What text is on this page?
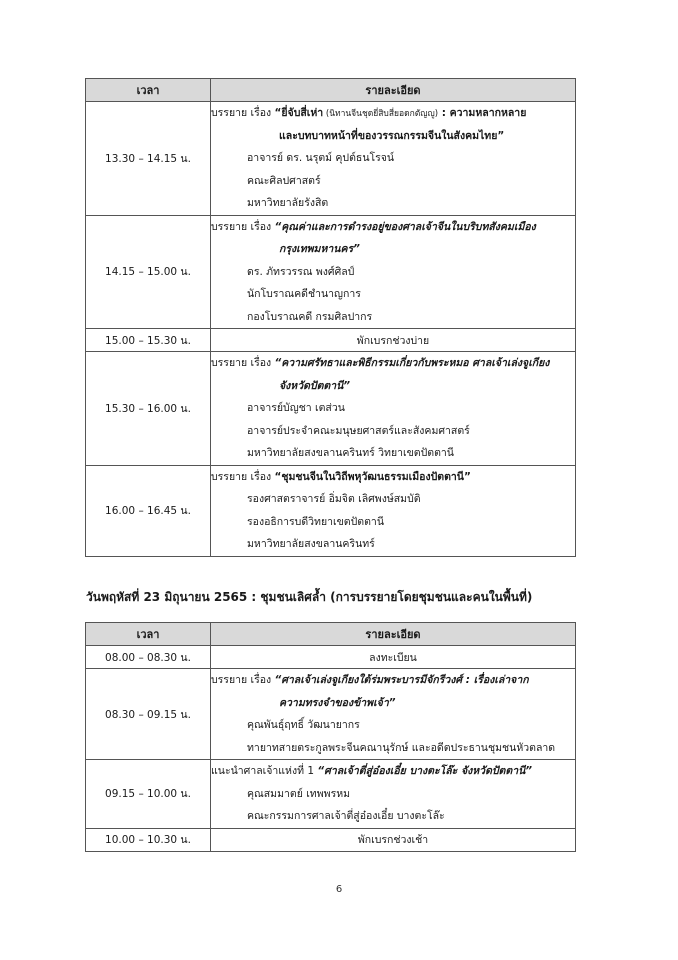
เวลา	รายละเอียด
13.30 – 14.15 น.	บรรยาย เรื่อง “ยี่จับสี่เห่า (นิทานจีนชุดยี่สิบสี่ยอดกตัญญู) : ความหลากหลาย
และบทบาทหน้าที่ของวรรณกรรมจีนในสังคมไทย”
อาจารย์ ดร. นรุตม์ คุปต์ธนโรจน์
คณะศิลปศาสตร์
มหาวิทยาลัยรังสิต

14.15 – 15.00 น.	บรรยาย เรื่อง “คุณค่าและการดำรงอยู่ของศาลเจ้าจีนในบริบทสังคมเมือง
กรุงเทพมหานคร”
ดร. ภัทรวรรณ พงศ์ศิลป์
นักโบราณคดีชำนาญการ
กองโบราณคดี กรมศิลปากร

15.00 – 15.30 น.	พักเบรกช่วงบ่าย
15.30 – 16.00 น.	บรรยาย เรื่อง “ความศรัทธาและพิธีกรรมเกี่ยวกับพระหมอ ศาลเจ้าเล่งจูเกียง
จังหวัดปัตตานี”
อาจารย์บัญชา เตส่วน
อาจารย์ประจำคณะมนุษยศาสตร์และสังคมศาสตร์
มหาวิทยาลัยสงขลานครินทร์ วิทยาเขตปัตตานี

16.00 – 16.45 น.	บรรยาย เรื่อง “ชุมชนจีนในวิถีพหุวัฒนธรรมเมืองปัตตานี”
รองศาสตราจารย์ อิ่มจิต เลิศพงษ์สมบัติ
รองอธิการบดีวิทยาเขตปัตตานี
มหาวิทยาลัยสงขลานครินทร์
วันพฤหัสที่ 23 มิถุนายน 2565 : ชุมชนเลิศล้ำ (การบรรยายโดยชุมชนและคนในพื้นที่)
เวลา	รายละเอียด
08.00 – 08.30 น.	ลงทะเบียน
08.30 – 09.15 น.	บรรยาย เรื่อง “ศาลเจ้าเล่งจูเกียงใต้ร่มพระบารมีจักรีวงศ์ : เรื่องเล่าจาก
ความทรงจำของข้าพเจ้า”
คุณพันธุ์ฤทธิ์ วัฒนายากร
ทายาทสายตระกูลพระจีนคณานุรักษ์ และอดีตประธานชุมชนหัวตลาด

09.15 – 10.00 น.	แนะนำศาลเจ้าแห่งที่ 1 “ศาลเจ้าตี่สู่อ๋องเอี๋ย บางตะโล๊ะ จังหวัดปัตตานี”
คุณสมมาตย์ เทพพรหม
คณะกรรมการศาลเจ้าตี่สู่อ๋องเอี๋ย บางตะโล๊ะ

10.00 – 10.30 น.	พักเบรกช่วงเช้า
6
